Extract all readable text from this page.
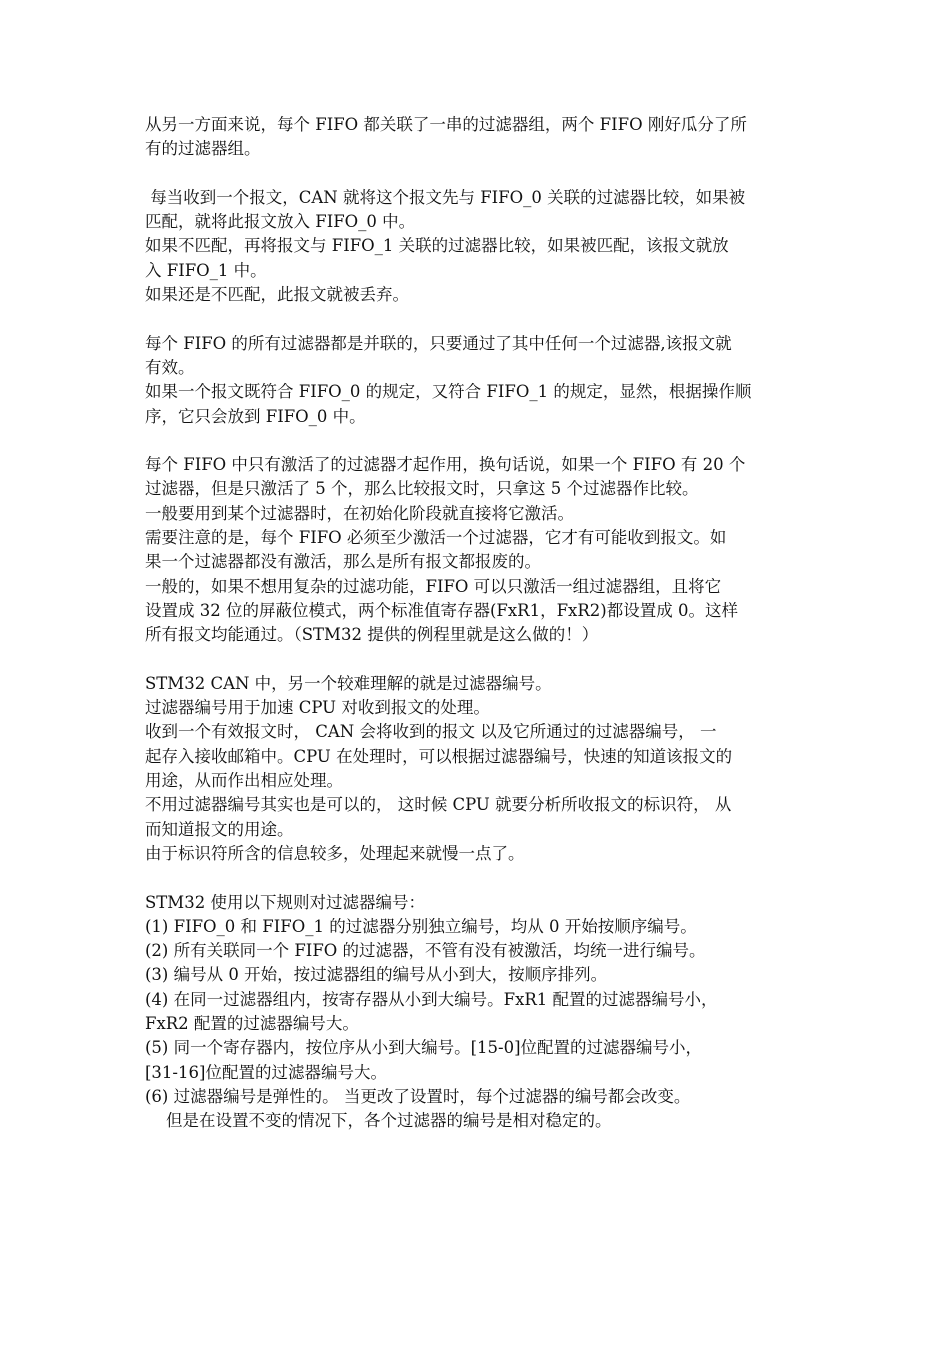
从另一方面来说，每个 FIFO 都关联了一串的过滤器组，两个 FIFO 刚好瓜分了所
有的过滤器组。
每当收到一个报文，CAN 就将这个报文先与 FIFO_0 关联的过滤器比较，如果被
匹配，就将此报文放入 FIFO_0 中。
如果不匹配，再将报文与 FIFO_1 关联的过滤器比较，如果被匹配，该报文就放
入 FIFO_1 中。
如果还是不匹配，此报文就被丢弃。
每个 FIFO 的所有过滤器都是并联的，只要通过了其中任何一个过滤器,该报文就
有效。
如果一个报文既符合 FIFO_0 的规定，又符合 FIFO_1 的规定，显然，根据操作顺
序，它只会放到 FIFO_0 中。
每个 FIFO 中只有激活了的过滤器才起作用，换句话说，如果一个 FIFO 有 20 个
过滤器，但是只激活了 5 个，那么比较报文时，只拿这 5 个过滤器作比较。
一般要用到某个过滤器时，在初始化阶段就直接将它激活。
需要注意的是，每个 FIFO 必须至少激活一个过滤器，它才有可能收到报文。如
果一个过滤器都没有激活，那么是所有报文都报废的。
一般的，如果不想用复杂的过滤功能，FIFO 可以只激活一组过滤器组，且将它
设置成 32 位的屏蔽位模式，两个标准值寄存器(FxR1，FxR2)都设置成 0。这样
所有报文均能通过。（STM32 提供的例程里就是这么做的！）
STM32 CAN 中，另一个较难理解的就是过滤器编号。
过滤器编号用于加速 CPU 对收到报文的处理。
收到一个有效报文时， CAN 会将收到的报文 以及它所通过的过滤器编号， 一
起存入接收邮箱中。CPU 在处理时，可以根据过滤器编号，快速的知道该报文的
用途，从而作出相应处理。
不用过滤器编号其实也是可以的， 这时候 CPU 就要分析所收报文的标识符， 从
而知道报文的用途。
由于标识符所含的信息较多，处理起来就慢一点了。
STM32 使用以下规则对过滤器编号：
(1) FIFO_0 和 FIFO_1 的过滤器分别独立编号，均从 0 开始按顺序编号。
(2) 所有关联同一个 FIFO 的过滤器，不管有没有被激活，均统一进行编号。
(3) 编号从 0 开始，按过滤器组的编号从小到大，按顺序排列。
(4) 在同一过滤器组内，按寄存器从小到大编号。FxR1 配置的过滤器编号小，
FxR2 配置的过滤器编号大。
(5) 同一个寄存器内，按位序从小到大编号。[15-0]位配置的过滤器编号小，
[31-16]位配置的过滤器编号大。
(6) 过滤器编号是弹性的。 当更改了设置时，每个过滤器的编号都会改变。
但是在设置不变的情况下，各个过滤器的编号是相对稳定的。
